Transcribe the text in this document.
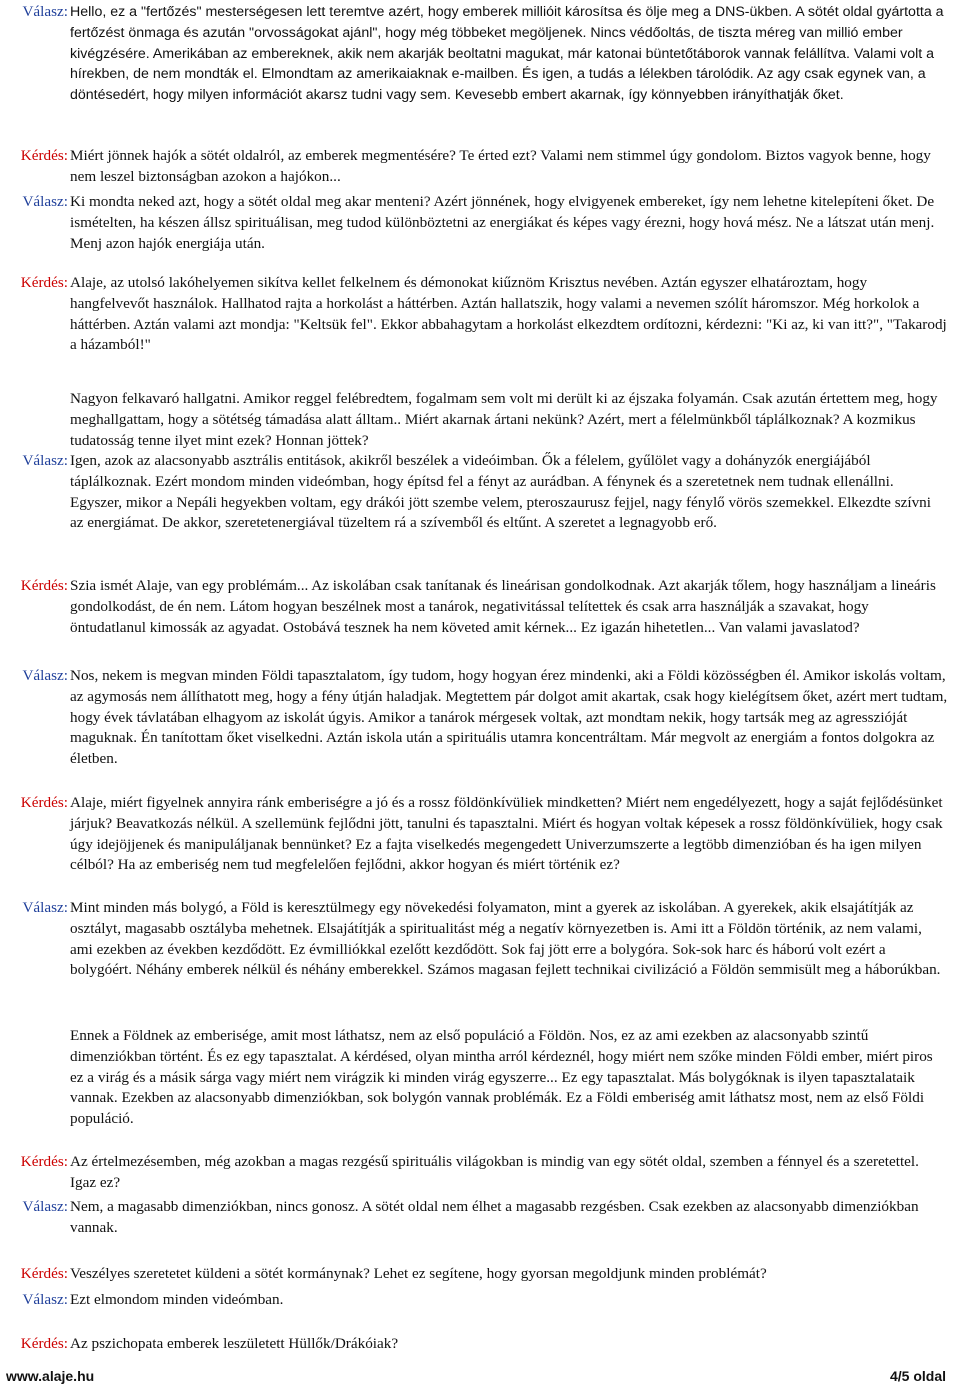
Válasz: Hello, ez a "fertőzés" mesterségesen lett teremtve azért, hogy emberek millióit károsítsa és ölje meg a DNS-ükben. A sötét oldal gyártotta a fertőzést önmaga és azután "orvosságokat ajánl", hogy még többeket megöljenek. Nincs védőoltás, de tiszta méreg van millió ember kivégzésére. Amerikában az embereknek, akik nem akarják beoltatni magukat, már katonai büntetőtáborok vannak felállítva. Valami volt a hírekben, de nem mondták el. Elmondtam az amerikaiaknak e-mailben. És igen, a tudás a lélekben tárolódik. Az agy csak egynek van, a döntésedért, hogy milyen információt akarsz tudni vagy sem. Kevesebb embert akarnak, így könnyebben irányíthatják őket.
Kérdés: Miért jönnek hajók a sötét oldalról, az emberek megmentésére? Te érted ezt? Valami nem stimmel úgy gondolom. Biztos vagyok benne, hogy nem leszel biztonságban azokon a hajókon...
Válasz: Ki mondta neked azt, hogy a sötét oldal meg akar menteni? Azért jönnének, hogy elvigyenek embereket, így nem lehetne kitelepíteni őket. De ismételten, ha készen állsz spirituálisan, meg tudod különböztetni az energiákat és képes vagy érezni, hogy hová mész. Ne a látszat után menj. Menj azon hajók energiája után.
Kérdés: Alaje, az utolsó lakóhelyemen sikítva kellet felkelnem és démonokat kiűznöm Krisztus nevében. Aztán egyszer elhatároztam, hogy hangfelvevőt használok. Hallhatod rajta a horkolást a háttérben. Aztán hallatszik, hogy valami a nevemen szólít háromszor. Még horkolok a háttérben. Aztán valami azt mondja: "Keltsük fel". Ekkor abbahagytam a horkolást elkezdtem ordítozni, kérdezni: "Ki az, ki van itt?", "Takarodj a házamból!"
Nagyon felkavaró hallgatni. Amikor reggel felébredtem, fogalmam sem volt mi derült ki az éjszaka folyamán. Csak azután értettem meg, hogy meghallgattam, hogy a sötétség támadása alatt álltam.. Miért akarnak ártani nekünk? Azért, mert a félelmünkből táplálkoznak? A kozmikus tudatosság tenne ilyet mint ezek? Honnan jöttek?
Válasz: Igen, azok az alacsonyabb asztrális entitások, akikről beszélek a videóimban. Ők a félelem, gyűlölet vagy a dohányzók energiájából táplálkoznak. Ezért mondom minden videómban, hogy építsd fel a fényt az aurádban. A fénynek és a szeretetnek nem tudnak ellenállni. Egyszer, mikor a Nepáli hegyekben voltam, egy drákói jött szembe velem, pteroszaurusz fejjel, nagy fénylő vörös szemekkel. Elkezdte szívni az energiámat. De akkor, szeretetenergiával tüzeltem rá a szívemből és eltűnt. A szeretet a legnagyobb erő.
Kérdés: Szia ismét Alaje, van egy problémám... Az iskolában csak tanítanak és lineárisan gondolkodnak. Azt akarják tőlem, hogy használjam a lineáris gondolkodást, de én nem. Látom hogyan beszélnek most a tanárok, negativitással telítettek és csak arra használják a szavakat, hogy öntudatlanul kimossák az agyadat. Ostobává tesznek ha nem követed amit kérnek... Ez igazán hihetetlen... Van valami javaslatod?
Válasz: Nos, nekem is megvan minden Földi tapasztalatom, így tudom, hogy hogyan érez mindenki, aki a Földi közösségben él. Amikor iskolás voltam, az agymosás nem állíthatott meg, hogy a fény útján haladjak. Megtettem pár dolgot amit akartak, csak hogy kielégítsem őket, azért mert tudtam, hogy évek távlatában elhagyom az iskolát úgyis. Amikor a tanárok mérgesek voltak, azt mondtam nekik, hogy tartsák meg az agresszióját maguknak. Én tanítottam őket viselkedni. Aztán iskola után a spirituális utamra koncentráltam. Már megvolt az energiám a fontos dolgokra az életben.
Kérdés: Alaje, miért figyelnek annyira ránk emberiségre a jó és a rossz földönkívüliek mindketten? Miért nem engedélyezett, hogy a saját fejlődésünket járjuk? Beavatkozás nélkül. A szellemünk fejlődni jött, tanulni és tapasztalni. Miért és hogyan voltak képesek a rossz földönkívüliek, hogy csak úgy idejöjjenek és manipuláljanak bennünket? Ez a fajta viselkedés megengedett Univerzumszerte a legtöbb dimenzióban és ha igen milyen célból? Ha az emberiség nem tud megfelelően fejlődni, akkor hogyan és miért történik ez?
Válasz: Mint minden más bolygó, a Föld is keresztülmegy egy növekedési folyamaton, mint a gyerek az iskolában. A gyerekek, akik elsajátítják az osztályt, magasabb osztályba mehetnek. Elsajátítják a spiritualitást még a negatív környezetben is. Ami itt a Földön történik, az nem valami, ami ezekben az években kezdődött. Ez évmilliókkal ezelőtt kezdődött. Sok faj jött erre a bolygóra. Sok-sok harc és háború volt ezért a bolygóért. Néhány emberek nélkül és néhány emberekkel. Számos magasan fejlett technikai civilizáció a Földön semmisült meg a háborúkban.
Ennek a Földnek az emberisége, amit most láthatsz, nem az első populáció a Földön. Nos, ez az ami ezekben az alacsonyabb szintű dimenziókban történt. És ez egy tapasztalat. A kérdésed, olyan mintha arról kérdeznél, hogy miért nem szőke minden Földi ember, miért piros ez a virág és a másik sárga vagy miért nem virágzik ki minden virág egyszerre... Ez egy tapasztalat. Más bolygóknak is ilyen tapasztalataik vannak. Ezekben az alacsonyabb dimenziókban, sok bolygón vannak problémák. Ez a Földi emberiség amit láthatsz most, nem az első Földi populáció.
Kérdés: Az értelmezésemben, még azokban a magas rezgésű spirituális világokban is mindig van egy sötét oldal, szemben a fénnyel és a szeretettel. Igaz ez?
Válasz: Nem, a magasabb dimenziókban, nincs gonosz. A sötét oldal nem élhet a magasabb rezgésben. Csak ezekben az alacsonyabb dimenziókban vannak.
Kérdés: Veszélyes szeretetet küldeni a sötét kormánynak? Lehet ez segítene, hogy gyorsan megoldjunk minden problémát?
Válasz: Ezt elmondom minden videómban.
Kérdés: Az pszichopata emberek leszületett Hüllők/Drákóiak?
www.alaje.hu	4/5 oldal
